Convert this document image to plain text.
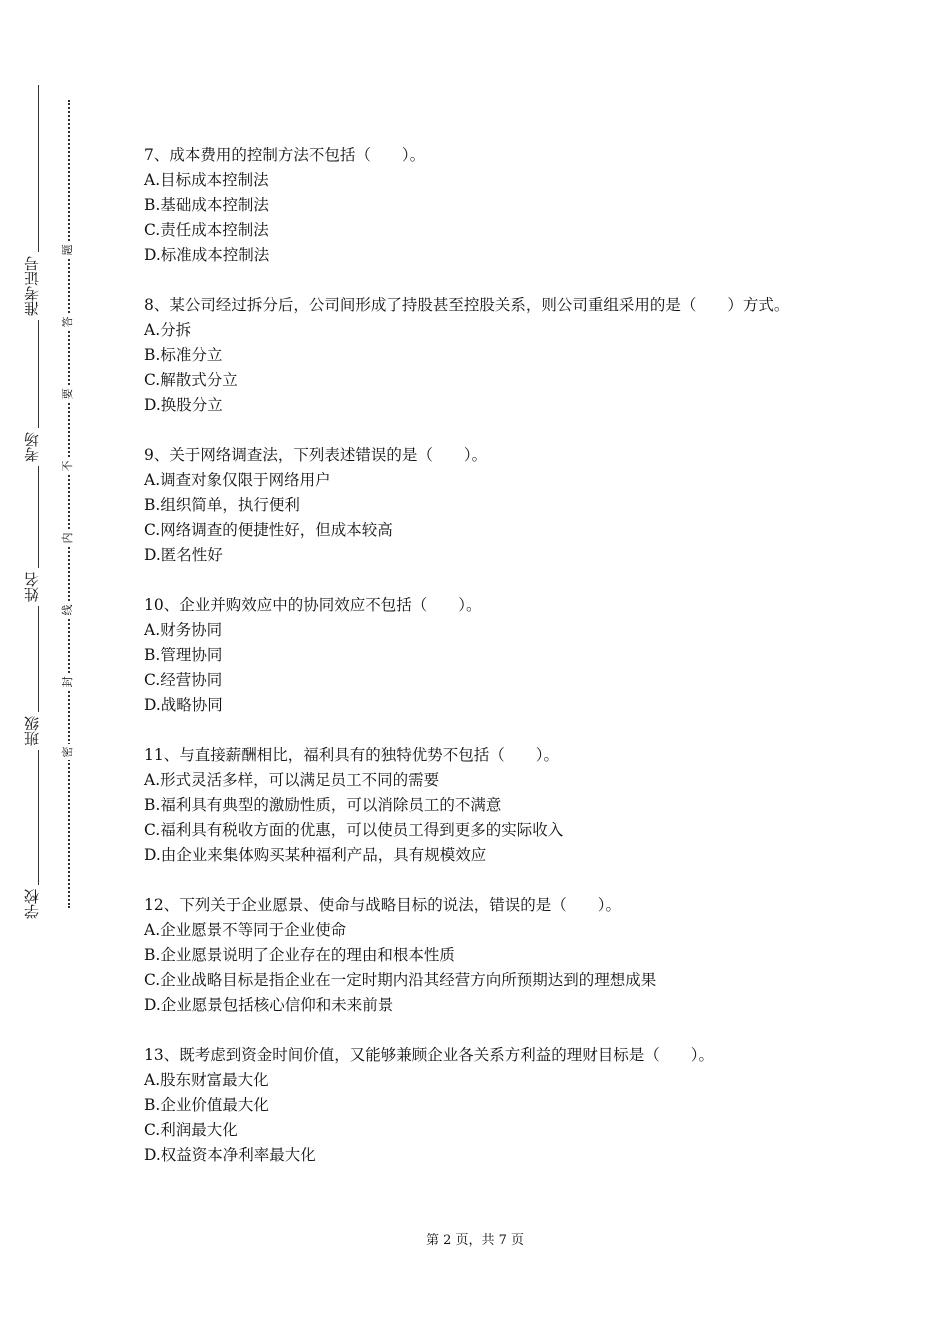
学校
班级
姓名
考场
准考证号
密
封
线
内
不
要
答
题

7、成本费用的控制方法不包括（　　）。

A.目标成本控制法

B.基础成本控制法

C.责任成本控制法

D.标准成本控制法

8、某公司经过拆分后，公司间形成了持股甚至控股关系，则公司重组采用的是（　　）方式。

A.分拆

B.标准分立

C.解散式分立

D.换股分立

9、关于网络调查法，下列表述错误的是（　　）。

A.调查对象仅限于网络用户

B.组织简单，执行便利

C.网络调查的便捷性好，但成本较高

D.匿名性好

10、企业并购效应中的协同效应不包括（　　）。

A.财务协同

B.管理协同

C.经营协同

D.战略协同

11、与直接薪酬相比，福利具有的独特优势不包括（　　）。

A.形式灵活多样，可以满足员工不同的需要

B.福利具有典型的激励性质，可以消除员工的不满意

C.福利具有税收方面的优惠，可以使员工得到更多的实际收入

D.由企业来集体购买某种福利产品，具有规模效应

12、下列关于企业愿景、使命与战略目标的说法，错误的是（　　）。

A.企业愿景不等同于企业使命

B.企业愿景说明了企业存在的理由和根本性质

C.企业战略目标是指企业在一定时期内沿其经营方向所预期达到的理想成果

D.企业愿景包括核心信仰和未来前景

13、既考虑到资金时间价值，又能够兼顾企业各关系方利益的理财目标是（　　）。

A.股东财富最大化

B.企业价值最大化

C.利润最大化

D.权益资本净利率最大化

第 2 页，共 7 页
